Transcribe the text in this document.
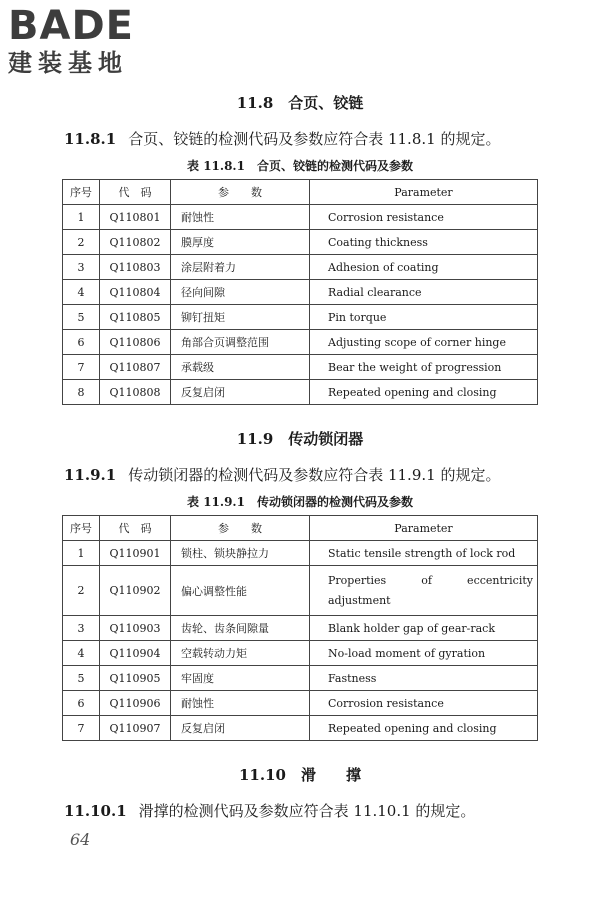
BADE
建装基地
11.8　合页、铰链
11.8.1 合页、铰链的检测代码及参数应符合表 11.8.1 的规定。
表 11.8.1　合页、铰链的检测代码及参数
序号	代　码	参　　数	Parameter
1	Q110801	耐蚀性	Corrosion resistance
2	Q110802	膜厚度	Coating thickness
3	Q110803	涂层附着力	Adhesion of coating
4	Q110804	径向间隙	Radial clearance
5	Q110805	铆钉扭矩	Pin torque
6	Q110806	角部合页调整范围	Adjusting scope of corner hinge
7	Q110807	承载级	Bear the weight of progression
8	Q110808	反复启闭	Repeated opening and closing
11.9　传动锁闭器
11.9.1 传动锁闭器的检测代码及参数应符合表 11.9.1 的规定。
表 11.9.1　传动锁闭器的检测代码及参数
序号	代　码	参　　数	Parameter
1	Q110901	锁柱、锁块静拉力	Static tensile strength of lock rod
2	Q110902	偏心调整性能	Properties of eccentricity adjustment
3	Q110903	齿轮、齿条间隙量	Blank holder gap of gear-rack
4	Q110904	空载转动力矩	No-load moment of gyration
5	Q110905	牢固度	Fastness
6	Q110906	耐蚀性	Corrosion resistance
7	Q110907	反复启闭	Repeated opening and closing
11.10　滑　　撑
11.10.1 滑撑的检测代码及参数应符合表 11.10.1 的规定。
64
